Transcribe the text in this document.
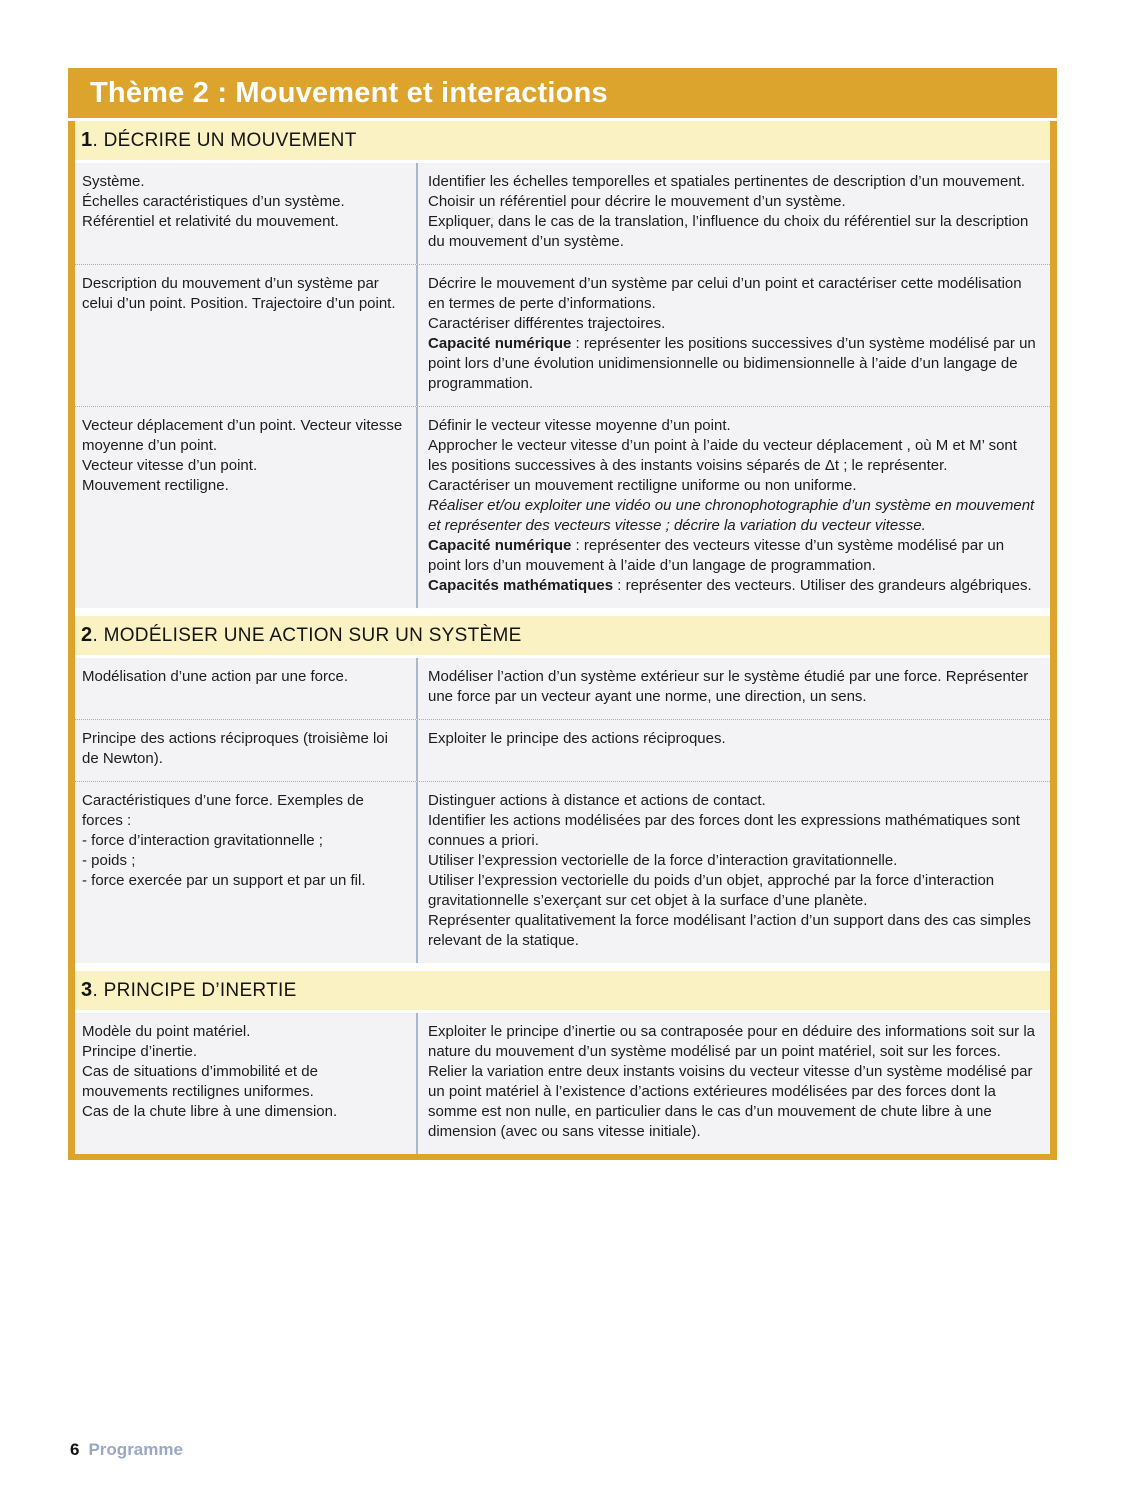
Thème 2 : Mouvement et interactions
1. DÉCRIRE UN MOUVEMENT

Système.

Échelles caractéristiques d’un système.

Référentiel et relativité du mouvement.

Identifier les échelles temporelles et spatiales pertinentes de description d’un mouvement.

Choisir un référentiel pour décrire le mouvement d’un système.

Expliquer, dans le cas de la translation, l’influence du choix du référentiel sur la description du mouvement d’un système.

Description du mouvement d’un système par celui d’un point. Position. Trajectoire d’un point.

Décrire le mouvement d’un système par celui d’un point et caractériser cette modélisation en termes de perte d’informations.

Caractériser différentes trajectoires.

Capacité numérique : représenter les positions successives d’un système modélisé par un point lors d’une évolution unidimensionnelle ou bidimensionnelle à l’aide d’un langage de programmation.

Vecteur déplacement d’un point. Vecteur vitesse moyenne d’un point.

Vecteur vitesse d’un point.

Mouvement rectiligne.

Définir le vecteur vitesse moyenne d’un point.

Approcher le vecteur vitesse d’un point à l’aide du vecteur déplacement , où M et M’ sont les positions successives à des instants voisins séparés de Δt ; le représenter.

Caractériser un mouvement rectiligne uniforme ou non uniforme.

Réaliser et/ou exploiter une vidéo ou une chronophotographie d’un système en mouvement et représenter des vecteurs vitesse ; décrire la variation du vecteur vitesse.

Capacité numérique : représenter des vecteurs vitesse d’un système modélisé par un point lors d’un mouvement à l’aide d’un langage de programmation.

Capacités mathématiques : représenter des vecteurs. Utiliser des grandeurs algébriques.

2. MODÉLISER UNE ACTION SUR UN SYSTÈME

Modélisation d’une action par une force.	Modéliser l’action d’un système extérieur sur le système étudié par une force. Représenter une force par un vecteur ayant une norme, une direction, un sens.

Principe des actions réciproques (troisième loi de Newton).

Exploiter le principe des actions réciproques.

Caractéristiques d’une force. Exemples de forces :

- force d’interaction gravitationnelle ;

- poids ;

- force exercée par un support et par un fil.

Distinguer actions à distance et actions de contact.

Identifier les actions modélisées par des forces dont les expressions mathématiques sont connues a priori.

Utiliser l’expression vectorielle de la force d’interaction gravitationnelle.

Utiliser l’expression vectorielle du poids d’un objet, approché par la force d’interaction gravitationnelle s’exerçant sur cet objet à la surface d’une planète.

Représenter qualitativement la force modélisant l’action d’un support dans des cas simples relevant de la statique.

3. PRINCIPE D’INERTIE

Modèle du point matériel.

Principe d’inertie.

Cas de situations d’immobilité et de mouvements rectilignes uniformes.

Cas de la chute libre à une dimension.

Exploiter le principe d’inertie ou sa contraposée pour en déduire des informations soit sur la nature du mouvement d’un système modélisé par un point matériel, soit sur les forces.

Relier la variation entre deux instants voisins du vecteur vitesse d’un système modélisé par un point matériel à l’existence d’actions extérieures modélisées par des forces dont la somme est non nulle, en particulier dans le cas d’un mouvement de chute libre à une dimension (avec ou sans vitesse initiale).

6 Programme
